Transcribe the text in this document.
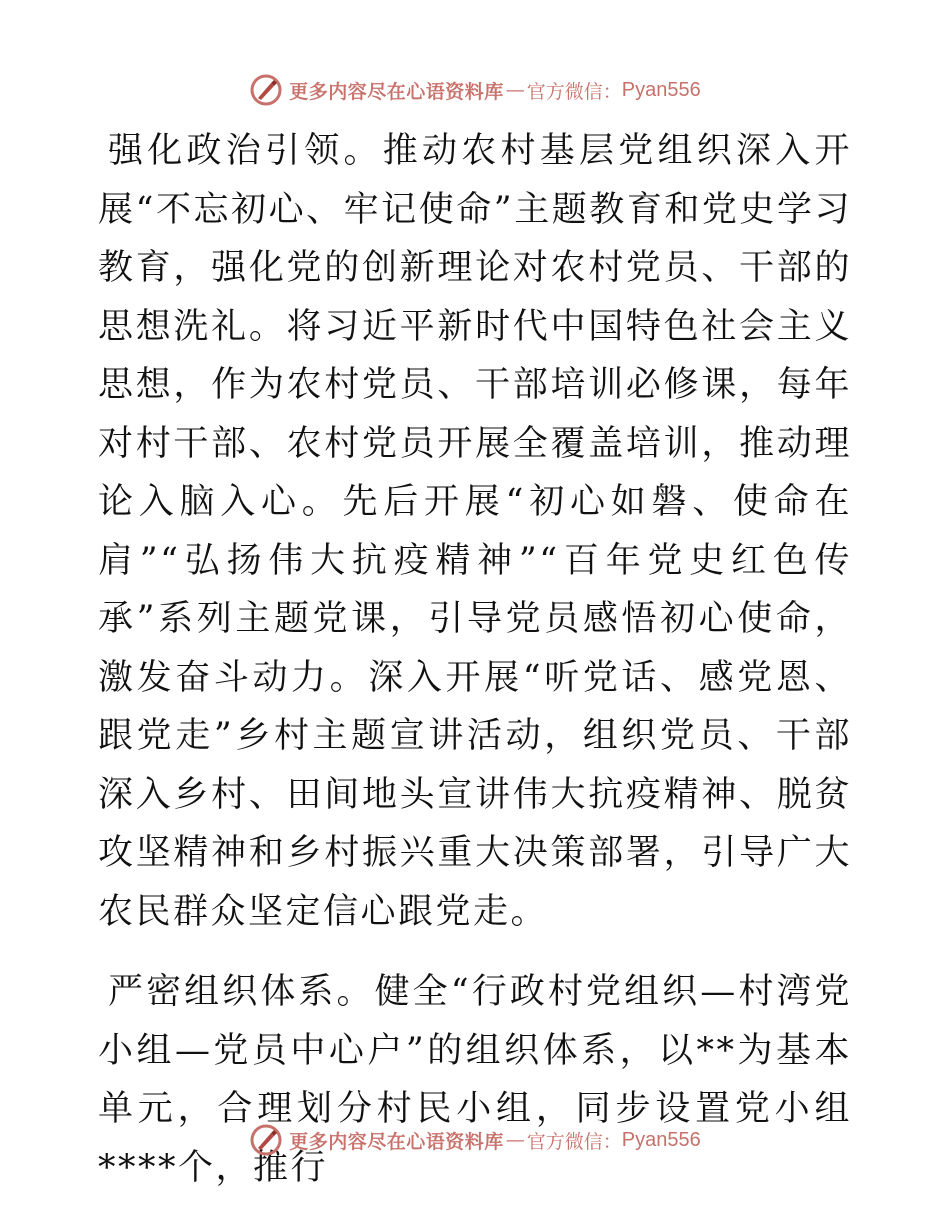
更多内容尽在心语资料库 — 官方微信： Pyan556

强化政治引领。推动农村基层党组织深入开展“不忘初心、牢记使命”主题教育和党史学习教育，强化党的创新理论对农村党员、干部的思想洗礼。将习近平新时代中国特色社会主义思想，作为农村党员、干部培训必修课，每年对村干部、农村党员开展全覆盖培训，推动理论入脑入心。先后开展“初心如磐、使命在肩”“弘扬伟大抗疫精神”“百年党史红色传承”系列主题党课，引导党员感悟初心使命，激发奋斗动力。深入开展“听党话、感党恩、跟党走”乡村主题宣讲活动，组织党员、干部深入乡村、田间地头宣讲伟大抗疫精神、脱贫攻坚精神和乡村振兴重大决策部署，引导广大农民群众坚定信心跟党走。

严密组织体系。健全“行政村党组织—村湾党小组—党员中心户”的组织体系，以**为基本单元，合理划分村民小组，同步设置党小组****个，推行

更多内容尽在心语资料库 — 官方微信： Pyan556
